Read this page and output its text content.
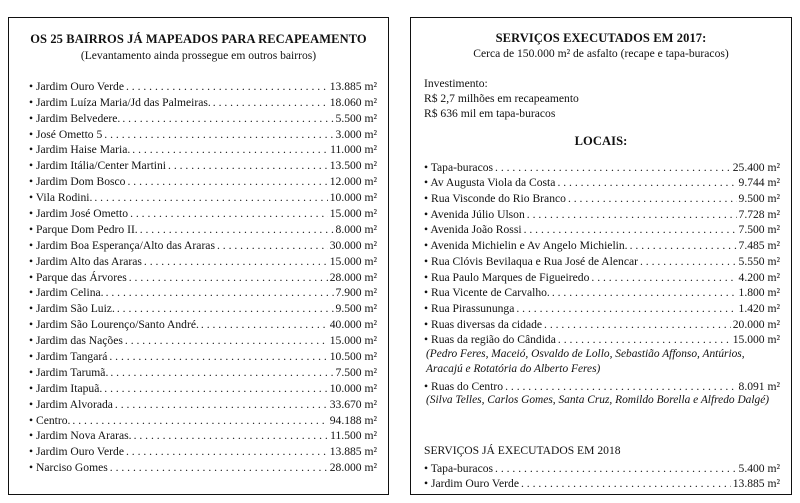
OS 25 BAIRROS JÁ MAPEADOS PARA RECAPEAMENTO
(Levantamento ainda prossegue em outros bairros)
• Jardim Ouro Verde . . .	13.885 m²
• Jardim Luíza Maria/Jd das Palmeiras. . . .	18.060 m²
• Jardim Belvedere. . . .	5.500 m²
• José Ometto 5 . . .	3.000 m²
• Jardim Haise Maria. . . .	11.000 m²
• Jardim Itália/Center Martini . . .	13.500 m²
• Jardim Dom Bosco . . .	12.000 m²
• Vila Rodini. . . .	10.000 m²
• Jardim José Ometto . . .	15.000 m²
• Parque Dom Pedro II. . . .	8.000 m²
• Jardim Boa Esperança/Alto das Araras . . .	30.000 m²
• Jardim Alto das Araras . . .	15.000 m²
• Parque das Árvores . . .	28.000 m²
• Jardim Celina. . . .	7.900 m²
• Jardim São Luiz. . . .	9.500 m²
• Jardim São Lourenço/Santo André. . . .	40.000 m²
• Jardim das Nações . . .	15.000 m²
• Jardim Tangará . . .	10.500 m²
• Jardim Tarumã. . . .	7.500 m²
• Jardim Itapuã. . . .	10.000 m²
• Jardim Alvorada . . .	33.670 m²
• Centro. . . .	94.188 m²
• Jardim Nova Araras. . . .	11.500 m²
• Jardim Ouro Verde . . .	13.885 m²
• Narciso Gomes . . .	28.000 m²
SERVIÇOS EXECUTADOS EM 2017:
Cerca de 150.000 m² de asfalto (recape e tapa-buracos)
Investimento:
R$ 2,7 milhões em recapeamento
R$ 636 mil em tapa-buracos
LOCAIS:
• Tapa-buracos . . .	25.400 m²
• Av Augusta Viola da Costa . . .	9.744 m²
• Rua Visconde do Rio Branco . . .	9.500 m²
• Avenida Júlio Ulson . . .	7.728 m²
• Avenida João Rossi . . .	7.500 m²
• Avenida Michielin e Av Angelo Michielin. . . .	7.485 m²
• Rua Clóvis Bevilaqua e Rua José de Alencar . . .	5.550 m²
• Rua Paulo Marques de Figueiredo . . .	4.200 m²
• Rua Vicente de Carvalho. . . .	1.800 m²
• Rua Pirassununga . . .	1.420 m²
• Ruas diversas da cidade . . .	20.000 m²
• Ruas da região do Cândida . . .	15.000 m²
(Pedro Feres, Maceió, Osvaldo de Lollo, Sebastião Affonso, Antúrios, Aracajú e Rotatória do Alberto Feres)
• Ruas do Centro . . .	8.091 m²
(Silva Telles, Carlos Gomes, Santa Cruz, Romildo Borella e Alfredo Dalgé)
SERVIÇOS JÁ EXECUTADOS EM 2018
• Tapa-buracos . . .	5.400 m²
• Jardim Ouro Verde . . .	13.885 m²
